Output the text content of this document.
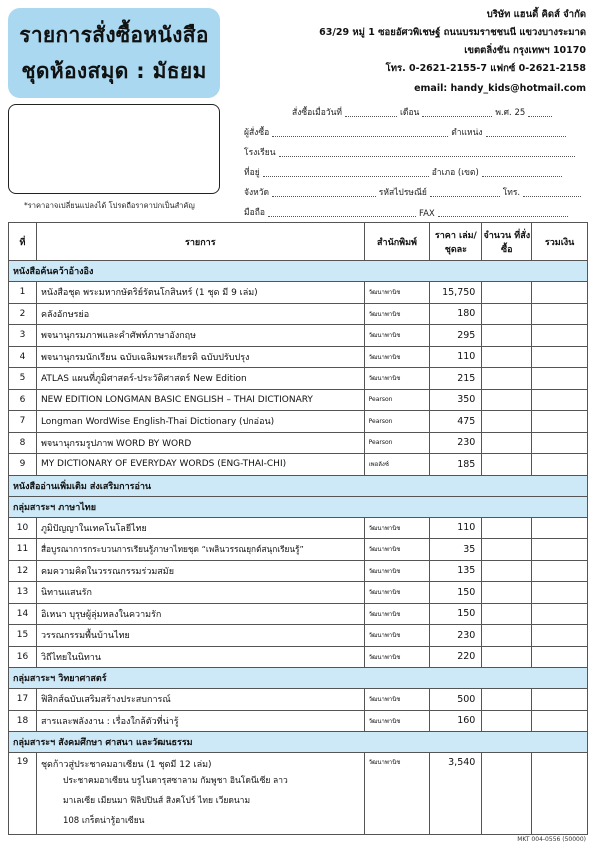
รายการสั่งซื้อหนังสือ
ชุดห้องสมุด : มัธยม
บริษัท แฮนดี้ คิดส์ จำกัด
63/29 หมู่ 1 ซอยอัศวพิเชษฐ์ ถนนบรมราชชนนี แขวงบางระมาด
เขตตลิ่งชัน กรุงเทพฯ 10170
โทร. 0-2621-2155-7 แฟกซ์ 0-2621-2158
email: handy_kids@hotmail.com
*ราคาอาจเปลี่ยนแปลงได้ โปรดถือราคาปกเป็นสำคัญ
สั่งซื้อเมื่อวันที่	เดือน	พ.ศ. 25
ผู้สั่งซื้อ	ตำแหน่ง
โรงเรียน
ที่อยู่	อำเภอ (เขต)
จังหวัด	รหัสไปรษณีย์	โทร.
มือถือ	FAX
ที่	รายการ	สำนักพิมพ์	ราคา เล่ม/ชุดละ	จำนวน ที่สั่งซื้อ	รวมเงิน
หนังสือค้นคว้าอ้างอิง					
1	หนังสือชุด พระมหากษัตริย์รัตนโกสินทร์ (1 ชุด มี 9 เล่ม)	วัฒนาพานิช	15,750		
2	คลังอักษรย่อ	วัฒนาพานิช	180		
3	พจนานุกรมภาพและคำศัพท์ภาษาอังกฤษ	วัฒนาพานิช	295		
4	พจนานุกรมนักเรียน ฉบับเฉลิมพระเกียรติ ฉบับปรับปรุง	วัฒนาพานิช	110		
5	ATLAS แผนที่ภูมิศาสตร์-ประวัติศาสตร์ New Edition	วัฒนาพานิช	215		
6	NEW EDITION LONGMAN BASIC ENGLISH – THAI DICTIONARY	Pearson	350		
7	Longman WordWise English-Thai Dictionary (ปกอ่อน)	Pearson	475		
8	พจนานุกรมรูปภาพ WORD BY WORD	Pearson	230		
9	MY DICTIONARY OF EVERYDAY WORDS (ENG-THAI-CHI)	เพอลังซ์	185		
หนังสืออ่านเพิ่มเติม ส่งเสริมการอ่าน					
กลุ่มสาระฯ ภาษาไทย					
10	ภูมิปัญญาในเทคโนโลยีไทย	วัฒนาพานิช	110		
11	สื่อบูรณาการกระบวนการเรียนรู้ภาษาไทยชุด “เพลินวรรณยุกต์สนุกเรียนรู้”	วัฒนาพานิช	35		
12	คมความคิดในวรรณกรรมร่วมสมัย	วัฒนาพานิช	135		
13	นิทานแสนรัก	วัฒนาพานิช	150		
14	อิเหนา บุรุษผู้ลุ่มหลงในความรัก	วัฒนาพานิช	150		
15	วรรณกรรมพื้นบ้านไทย	วัฒนาพานิช	230		
16	วิถีไทยในนิทาน	วัฒนาพานิช	220		
กลุ่มสาระฯ วิทยาศาสตร์					
17	ฟิสิกส์ฉบับเสริมสร้างประสบการณ์	วัฒนาพานิช	500		
18	สารและพลังงาน : เรื่องใกล้ตัวที่น่ารู้	วัฒนาพานิช	160		
กลุ่มสาระฯ สังคมศึกษา ศาสนา และวัฒนธรรม					
19	ชุดก้าวสู่ประชาคมอาเซียน (1 ชุดมี 12 เล่ม)
ประชาคมอาเซียน บรูไนดารุสซาลาม กัมพูชา อินโดนีเซีย ลาว
มาเลเซีย เมียนมา ฟิลิปปินส์ สิงคโปร์ ไทย เวียดนาม
108 เกร็ดน่ารู้อาเซียน	วัฒนาพานิช	3,540		
MKT 004-0556 (50000)
